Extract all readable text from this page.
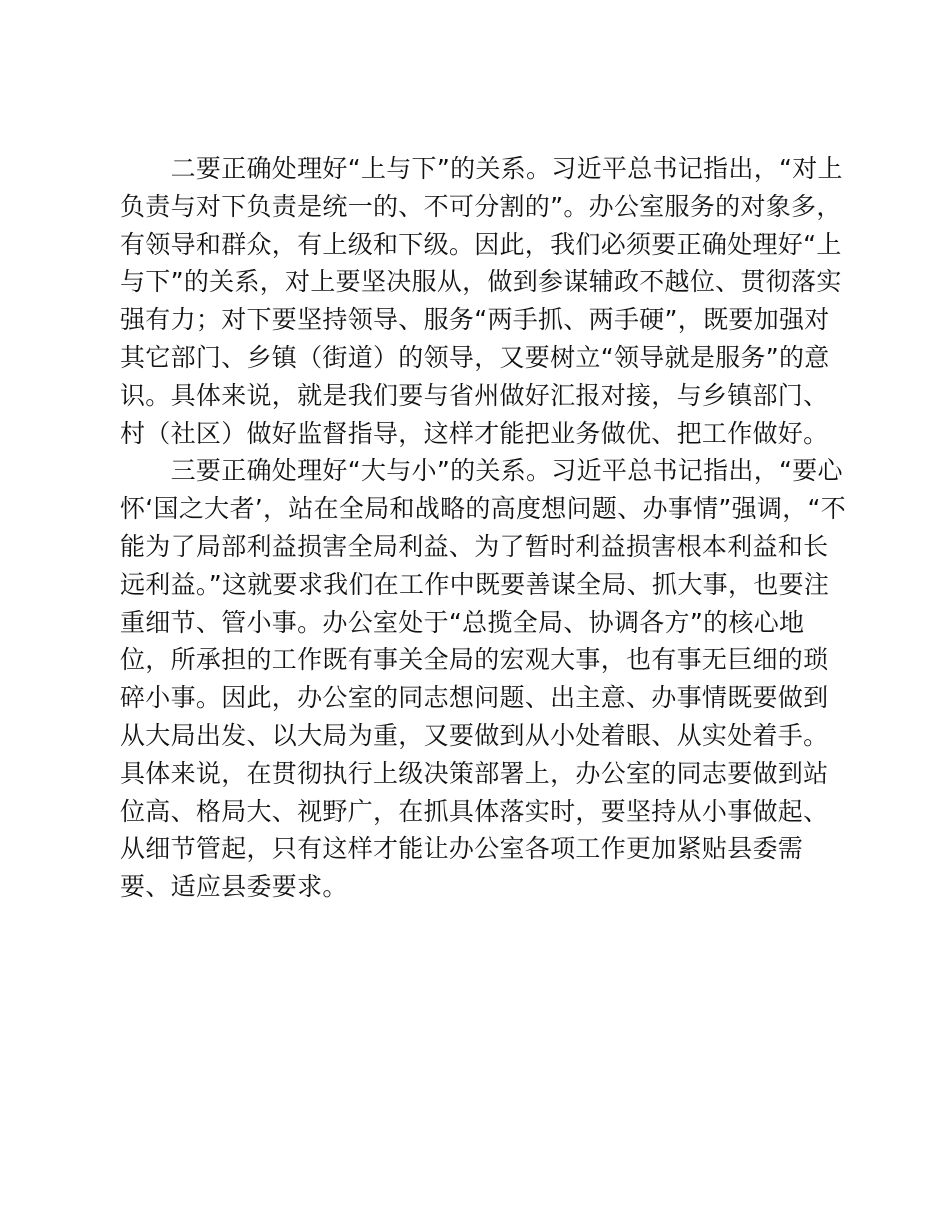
　　二要正确处理好“上与下”的关系。习近平总书记指出，“对上
负责与对下负责是统一的、不可分割的”。办公室服务的对象多，
有领导和群众，有上级和下级。因此，我们必须要正确处理好“上
与下”的关系，对上要坚决服从，做到参谋辅政不越位、贯彻落实
强有力；对下要坚持领导、服务“两手抓、两手硬”，既要加强对
其它部门、乡镇（街道）的领导，又要树立“领导就是服务”的意
识。具体来说，就是我们要与省州做好汇报对接，与乡镇部门、
村（社区）做好监督指导，这样才能把业务做优、把工作做好。

　　三要正确处理好“大与小”的关系。习近平总书记指出，“要心
怀‘国之大者’，站在全局和战略的高度想问题、办事情”强调，“不
能为了局部利益损害全局利益、为了暂时利益损害根本利益和长
远利益。”这就要求我们在工作中既要善谋全局、抓大事，也要注
重细节、管小事。办公室处于“总揽全局、协调各方”的核心地
位，所承担的工作既有事关全局的宏观大事，也有事无巨细的琐
碎小事。因此，办公室的同志想问题、出主意、办事情既要做到
从大局出发、以大局为重，又要做到从小处着眼、从实处着手。
具体来说，在贯彻执行上级决策部署上，办公室的同志要做到站
位高、格局大、视野广，在抓具体落实时，要坚持从小事做起、
从细节管起，只有这样才能让办公室各项工作更加紧贴县委需
要、适应县委要求。
